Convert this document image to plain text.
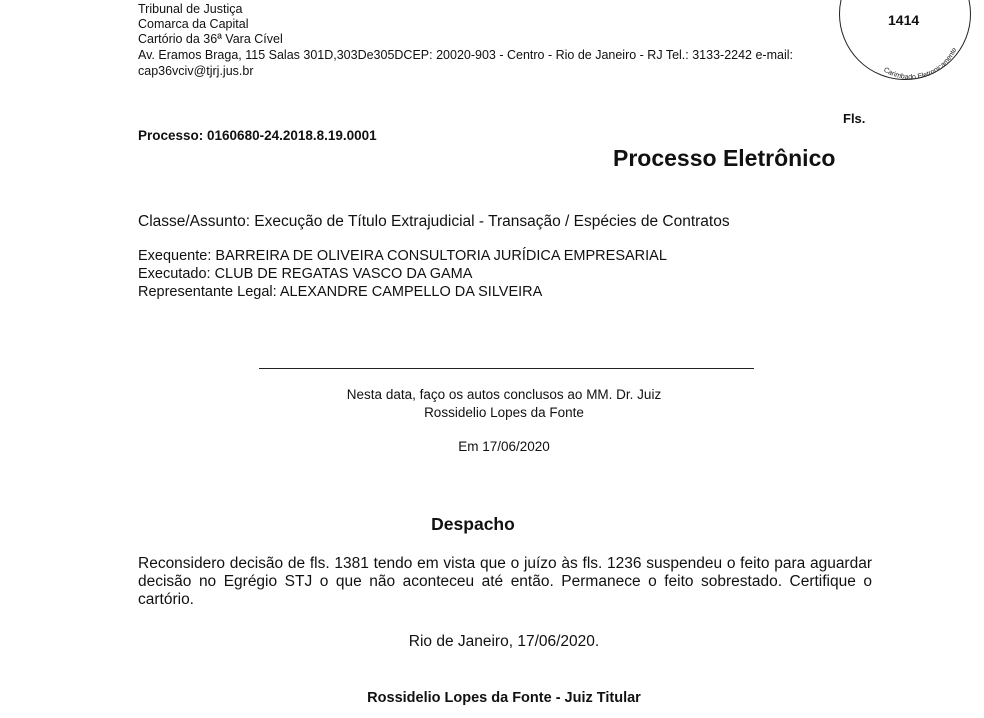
Tribunal de Justiça
Comarca da Capital
Cartório da 36ª Vara Cível
Av. Eramos Braga, 115 Salas 301D,303De305DCEP: 20020-903 - Centro - Rio de Janeiro - RJ Tel.: 3133-2242 e-mail:
cap36vciv@tjrj.jus.br	Carimbado Eletronicamente
1414
Fls.
Processo: 0160680-24.2018.8.19.0001
Processo Eletrônico
Classe/Assunto: Execução de Título Extrajudicial - Transação / Espécies de Contratos
Exequente: BARREIRA DE OLIVEIRA CONSULTORIA JURÍDICA EMPRESARIAL
Executado: CLUB DE REGATAS VASCO DA GAMA
Representante Legal: ALEXANDRE CAMPELLO DA SILVEIRA
Nesta data, faço os autos conclusos ao MM. Dr. Juiz
Rossidelio Lopes da Fonte
Em 17/06/2020
Despacho
Reconsidero decisão de fls. 1381 tendo em vista que o juízo às fls. 1236 suspendeu o feito para aguardar decisão no Egrégio STJ o que não aconteceu até então. Permanece o feito sobrestado. Certifique o cartório.
Rio de Janeiro, 17/06/2020.
Rossidelio Lopes da Fonte - Juiz Titular
